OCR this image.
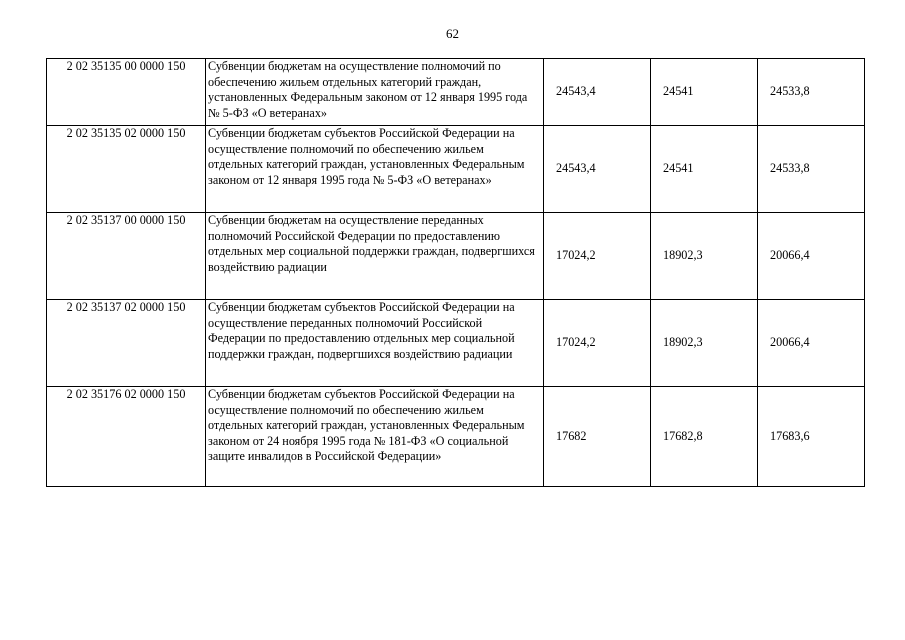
62
2 02 35135 00 0000 150	Субвенции бюджетам на осуществление полномочий по обеспечению жильем отдельных категорий граждан, установленных Федеральным законом от 12 января 1995 года № 5-ФЗ «О ветеранах»	24543,4	24541	24533,8
2 02 35135 02 0000 150	Субвенции бюджетам субъектов Российской Федерации на осуществление полномочий по обеспечению жильем отдельных категорий граждан, установленных Федеральным законом от 12 января 1995 года № 5-ФЗ «О ветеранах»	24543,4	24541	24533,8
2 02 35137 00 0000 150	Субвенции бюджетам на осуществление переданных полномочий Российской Федерации по предоставлению отдельных мер социальной поддержки граждан, подвергшихся воздействию радиации	17024,2	18902,3	20066,4
2 02 35137 02 0000 150	Субвенции бюджетам субъектов Российской Федерации на осуществление переданных полномочий Российской Федерации по предоставлению отдельных мер социальной поддержки граждан, подвергшихся воздействию радиации	17024,2	18902,3	20066,4
2 02 35176 02 0000 150	Субвенции бюджетам субъектов Российской Федерации на осуществление полномочий по обеспечению жильем отдельных категорий граждан, установленных Федеральным законом от 24 ноября 1995 года № 181-ФЗ «О социальной защите инвалидов в Российской Федерации»	17682	17682,8	17683,6
